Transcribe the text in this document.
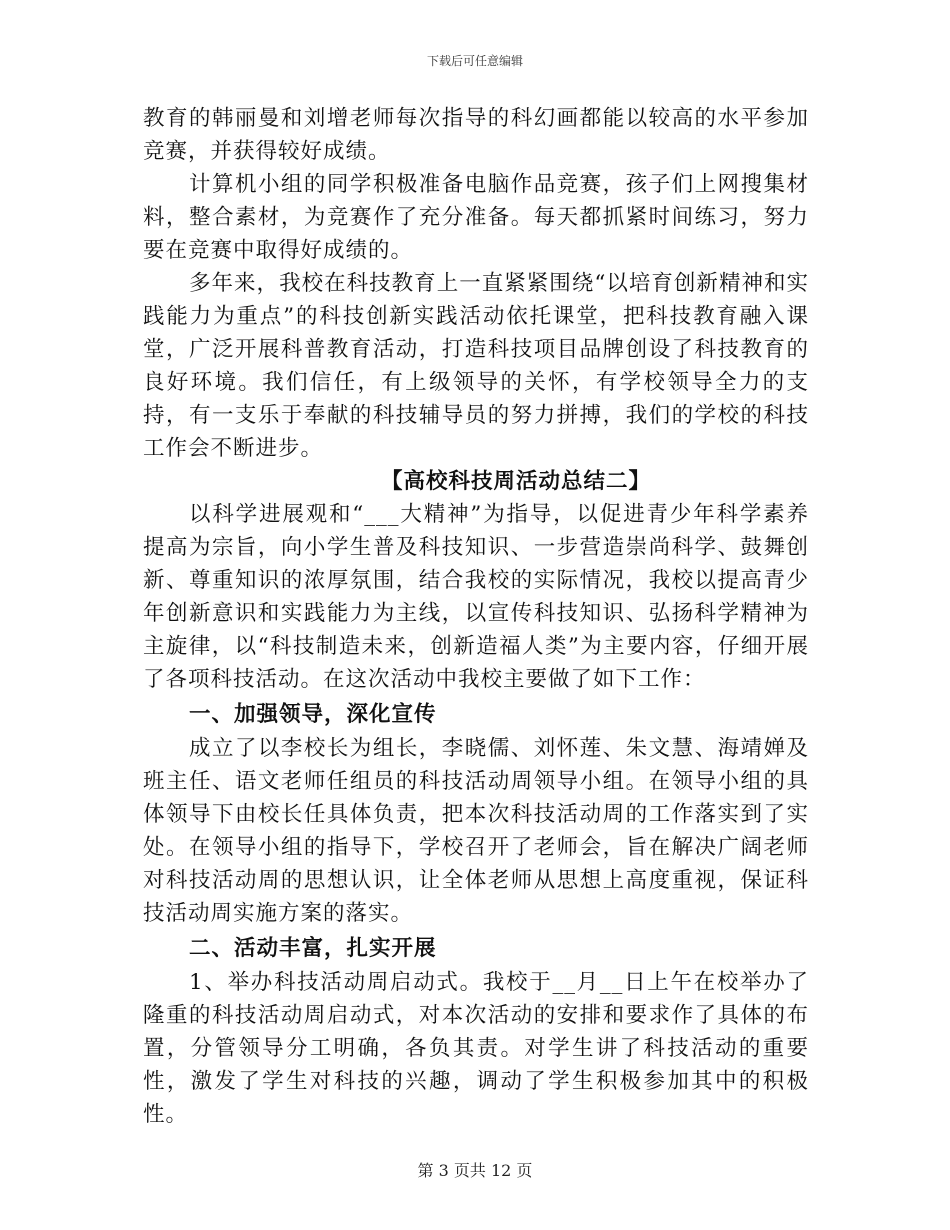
下载后可任意编辑

教育的韩丽曼和刘增老师每次指导的科幻画都能以较高的水平参加竞赛，并获得较好成绩。

计算机小组的同学积极准备电脑作品竞赛，孩子们上网搜集材料，整合素材，为竞赛作了充分准备。每天都抓紧时间练习，努力要在竞赛中取得好成绩的。

多年来，我校在科技教育上一直紧紧围绕“以培育创新精神和实践能力为重点”的科技创新实践活动依托课堂，把科技教育融入课堂，广泛开展科普教育活动，打造科技项目品牌创设了科技教育的良好环境。我们信任，有上级领导的关怀，有学校领导全力的支持，有一支乐于奉献的科技辅导员的努力拼搏，我们的学校的科技工作会不断进步。

【高校科技周活动总结二】

以科学进展观和“___大精神”为指导，以促进青少年科学素养提高为宗旨，向小学生普及科技知识、一步营造崇尚科学、鼓舞创新、尊重知识的浓厚氛围，结合我校的实际情况，我校以提高青少年创新意识和实践能力为主线，以宣传科技知识、弘扬科学精神为主旋律，以“科技制造未来，创新造福人类”为主要内容，仔细开展了各项科技活动。在这次活动中我校主要做了如下工作：

一、加强领导，深化宣传

成立了以李校长为组长，李晓儒、刘怀莲、朱文慧、海靖婵及班主任、语文老师任组员的科技活动周领导小组。在领导小组的具体领导下由校长任具体负责，把本次科技活动周的工作落实到了实处。在领导小组的指导下，学校召开了老师会，旨在解决广阔老师对科技活动周的思想认识，让全体老师从思想上高度重视，保证科技活动周实施方案的落实。

二、活动丰富，扎实开展

1、举办科技活动周启动式。我校于__月__日上午在校举办了隆重的科技活动周启动式，对本次活动的安排和要求作了具体的布置，分管领导分工明确，各负其责。对学生讲了科技活动的重要性，激发了学生对科技的兴趣，调动了学生积极参加其中的积极性。

第 3 页共 12 页
